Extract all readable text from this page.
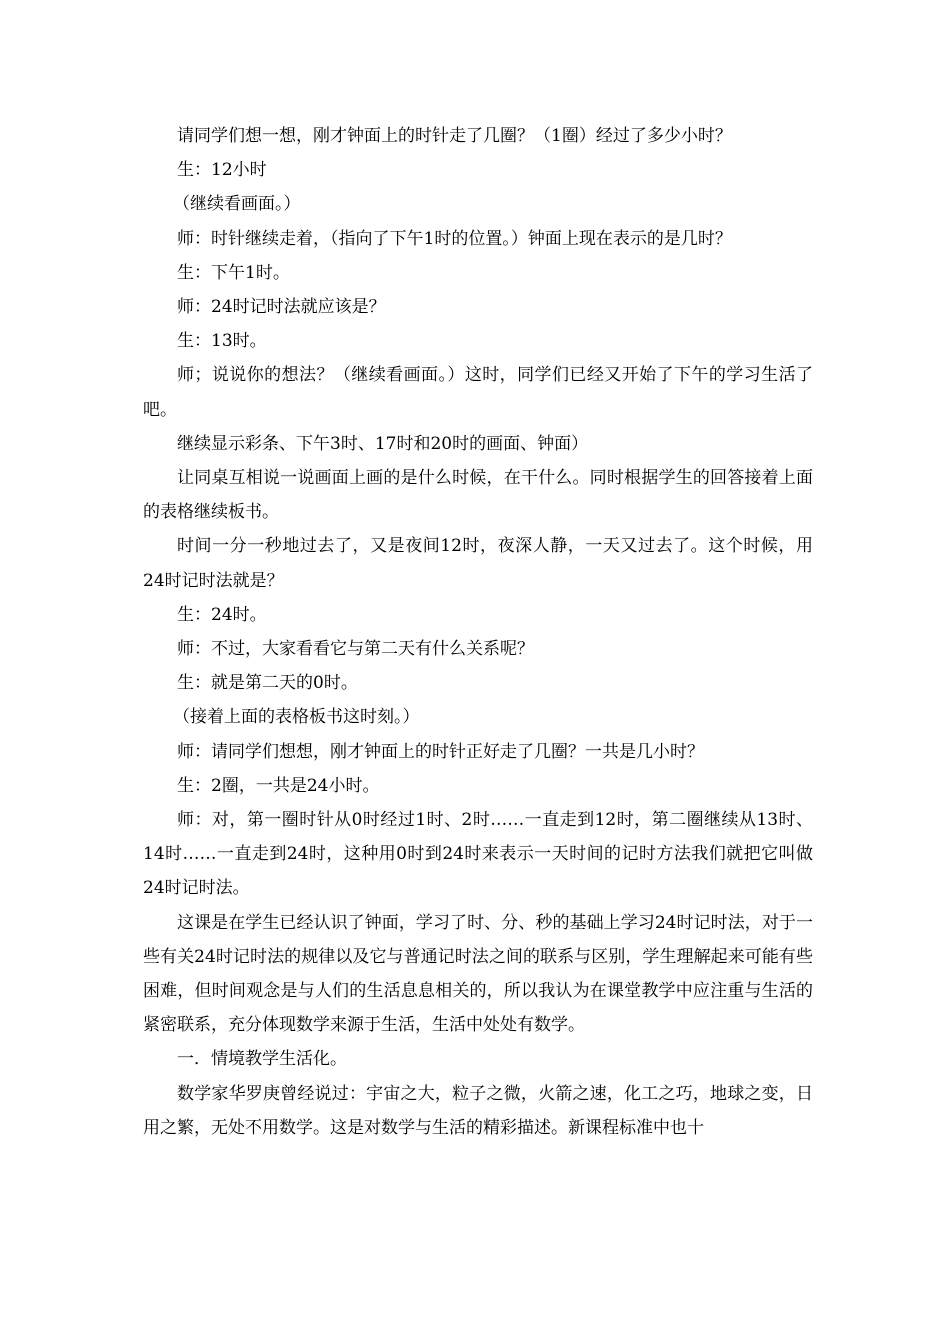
请同学们想一想，刚才钟面上的时针走了几圈？（1圈）经过了多少小时？

生：12小时

（继续看画面。）

师：时针继续走着，（指向了下午1时的位置。）钟面上现在表示的是几时？

生：下午1时。

师：24时记时法就应该是？

生：13时。

师；说说你的想法？（继续看画面。）这时，同学们已经又开始了下午的学习生活了吧。

继续显示彩条、下午3时、17时和20时的画面、钟面）

让同桌互相说一说画面上画的是什么时候，在干什么。同时根据学生的回答接着上面的表格继续板书。

时间一分一秒地过去了，又是夜间12时，夜深人静，一天又过去了。这个时候，用24时记时法就是？

生：24时。

师：不过，大家看看它与第二天有什么关系呢？

生：就是第二天的0时。

（接着上面的表格板书这时刻。）

师：请同学们想想，刚才钟面上的时针正好走了几圈？一共是几小时？

生：2圈，一共是24小时。

师：对，第一圈时针从0时经过1时、2时……一直走到12时，第二圈继续从13时、14时……一直走到24时，这种用0时到24时来表示一天时间的记时方法我们就把它叫做24时记时法。

这课是在学生已经认识了钟面，学习了时、分、秒的基础上学习24时记时法，对于一些有关24时记时法的规律以及它与普通记时法之间的联系与区别，学生理解起来可能有些困难，但时间观念是与人们的生活息息相关的，所以我认为在课堂教学中应注重与生活的紧密联系，充分体现数学来源于生活，生活中处处有数学。

一．情境教学生活化。

数学家华罗庚曾经说过：宇宙之大，粒子之微，火箭之速，化工之巧，地球之变，日用之繁，无处不用数学。这是对数学与生活的精彩描述。新课程标准中也十
